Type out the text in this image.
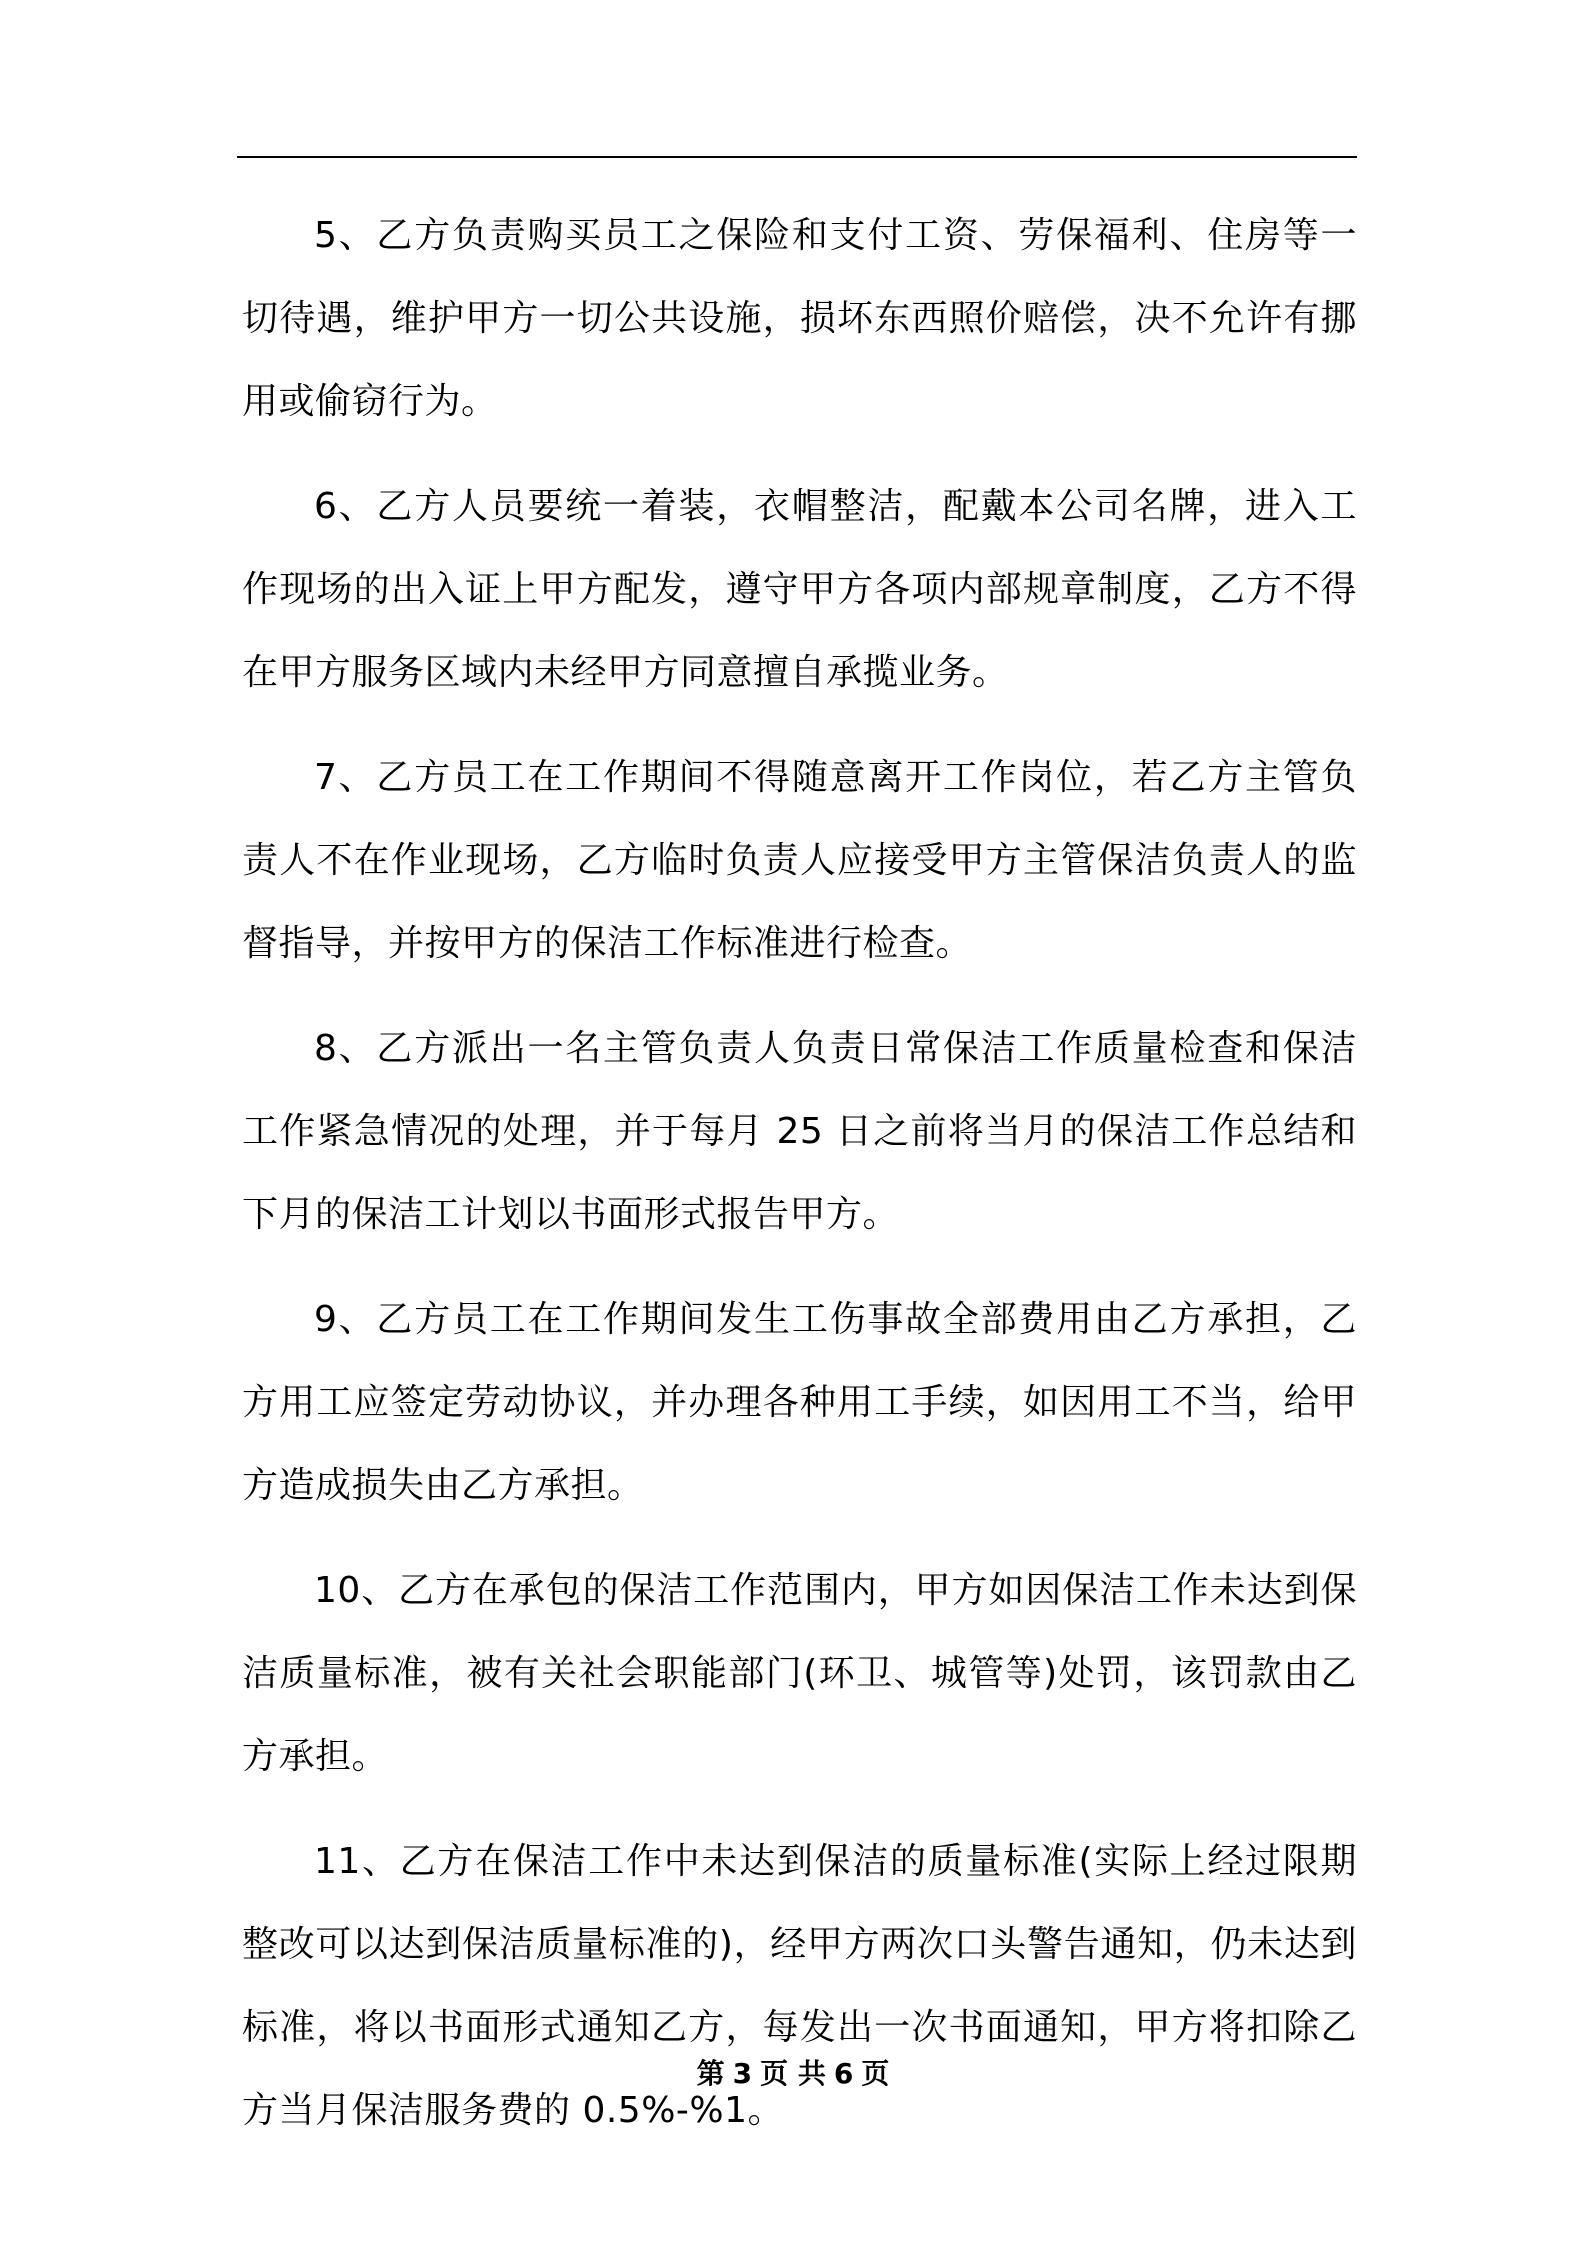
5、乙方负责购买员工之保险和支付工资、劳保福利、住房等一切待遇，维护甲方一切公共设施，损坏东西照价赔偿，决不允许有挪用或偷窃行为。

6、乙方人员要统一着装，衣帽整洁，配戴本公司名牌，进入工作现场的出入证上甲方配发，遵守甲方各项内部规章制度，乙方不得在甲方服务区域内未经甲方同意擅自承揽业务。

7、乙方员工在工作期间不得随意离开工作岗位，若乙方主管负责人不在作业现场，乙方临时负责人应接受甲方主管保洁负责人的监督指导，并按甲方的保洁工作标准进行检查。

8、乙方派出一名主管负责人负责日常保洁工作质量检查和保洁工作紧急情况的处理，并于每月 25 日之前将当月的保洁工作总结和下月的保洁工计划以书面形式报告甲方。

9、乙方员工在工作期间发生工伤事故全部费用由乙方承担，乙方用工应签定劳动协议，并办理各种用工手续，如因用工不当，给甲方造成损失由乙方承担。

10、乙方在承包的保洁工作范围内，甲方如因保洁工作未达到保洁质量标准，被有关社会职能部门(环卫、城管等)处罚，该罚款由乙方承担。

11、乙方在保洁工作中未达到保洁的质量标准(实际上经过限期整改可以达到保洁质量标准的)，经甲方两次口头警告通知，仍未达到标准，将以书面形式通知乙方，每发出一次书面通知，甲方将扣除乙方当月保洁服务费的 0.5%-%1。

第 3 页 共 6 页
